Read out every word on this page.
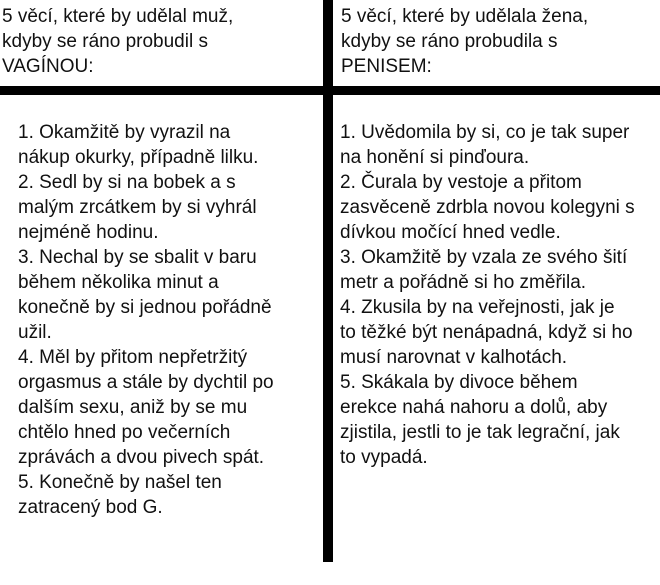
5 věcí, které by udělal muž,
kdyby se ráno probudil s
VAGÍNOU:
5 věcí, které by udělala žena,
kdyby se ráno probudila s
PENISEM:
1. Okamžitě by vyrazil na
nákup okurky, případně lilku.
2. Sedl by si na bobek a s
malým zrcátkem by si vyhrál
nejméně hodinu.
3. Nechal by se sbalit v baru
během několika minut a
konečně by si jednou pořádně
užil.
4. Měl by přitom nepřetržitý
orgasmus a stále by dychtil po
dalším sexu, aniž by se mu
chtělo hned po večerních
zprávách a dvou pivech spát.
5. Konečně by našel ten
zatracený bod G.
1. Uvědomila by si, co je tak super
na honění si pinďoura.
2. Čurala by vestoje a přitom
zasvěceně zdrbla novou kolegyni s
dívkou močící hned vedle.
3. Okamžitě by vzala ze svého šití
metr a pořádně si ho změřila.
4. Zkusila by na veřejnosti, jak je
to těžké být nenápadná, když si ho
musí narovnat v kalhotách.
5. Skákala by divoce během
erekce nahá nahoru a dolů, aby
zjistila, jestli to je tak legrační, jak
to vypadá.
